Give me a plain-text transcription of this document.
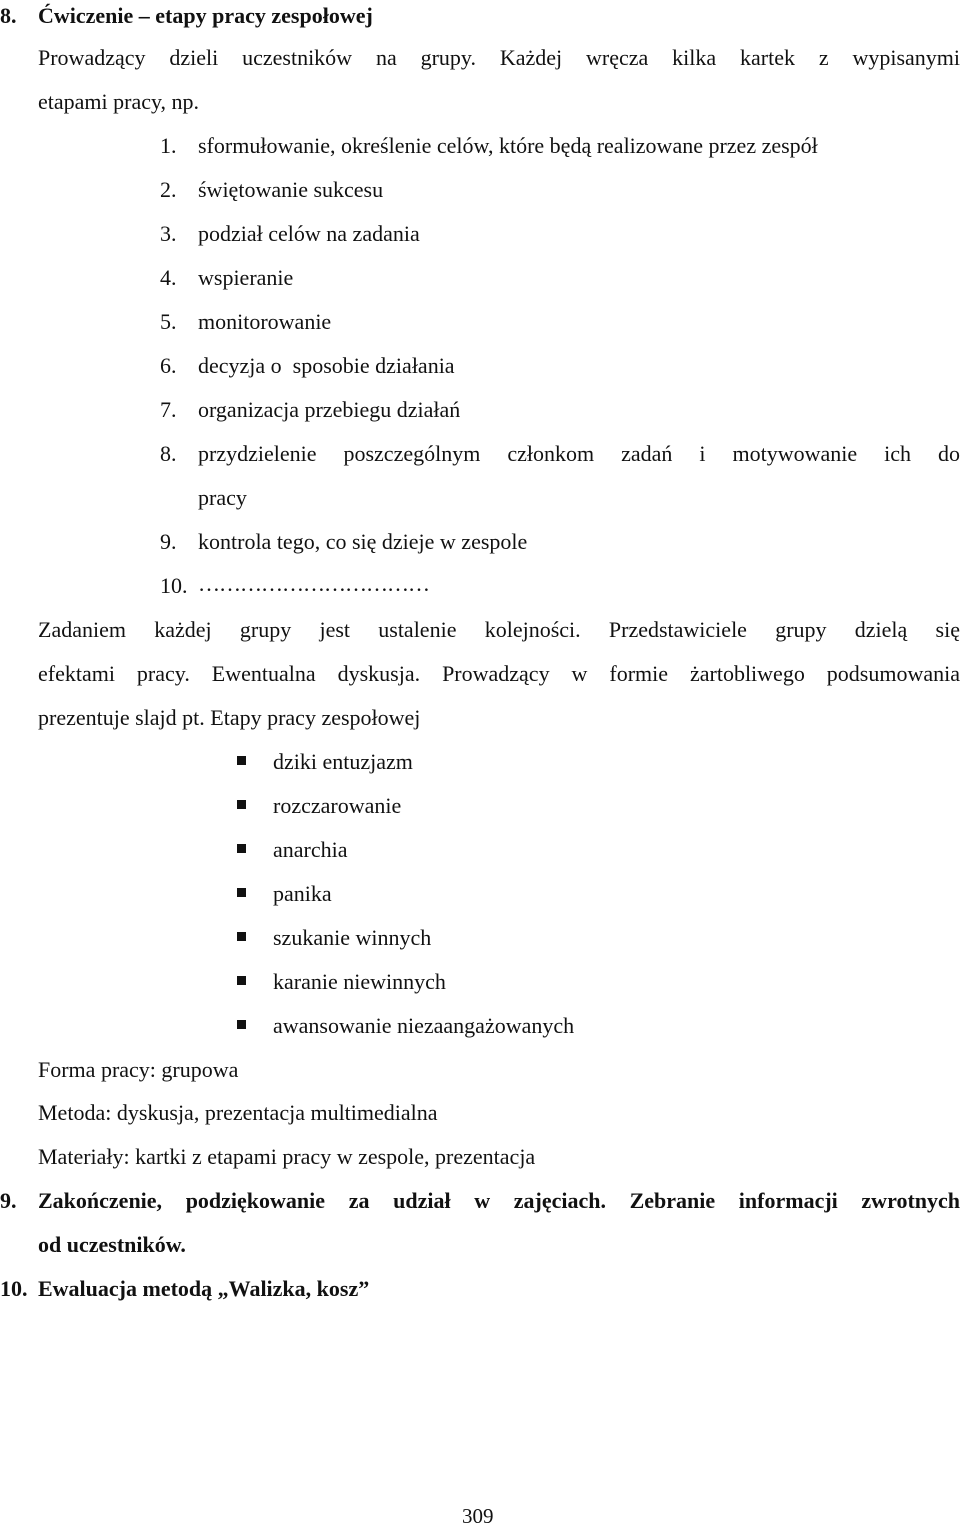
8. Ćwiczenie – etapy pracy zespołowej
Prowadzący dzieli uczestników na grupy. Każdej wręcza kilka kartek z wypisanymi
etapami pracy, np.
1. sformułowanie, określenie celów, które będą realizowane przez zespół
2. świętowanie sukcesu
3. podział celów na zadania
4. wspieranie
5. monitorowanie
6. decyzja o  sposobie działania
7. organizacja przebiegu działań
8. przydzielenie poszczególnym członkom zadań i motywowanie ich do
pracy
9. kontrola tego, co się dzieje w zespole
10. ……………………………
Zadaniem każdej grupy jest ustalenie kolejności. Przedstawiciele grupy dzielą się
efektami pracy. Ewentualna dyskusja. Prowadzący w formie żartobliwego podsumowania
prezentuje slajd pt. Etapy pracy zespołowej
dziki entuzjazm
rozczarowanie
anarchia
panika
szukanie winnych
karanie niewinnych
awansowanie niezaangażowanych
Forma pracy: grupowa
Metoda: dyskusja, prezentacja multimedialna
Materiały: kartki z etapami pracy w zespole, prezentacja
9. Zakończenie, podziękowanie za udział w zajęciach. Zebranie informacji zwrotnych
od uczestników.
10. Ewaluacja metodą „Walizka, kosz”
309
